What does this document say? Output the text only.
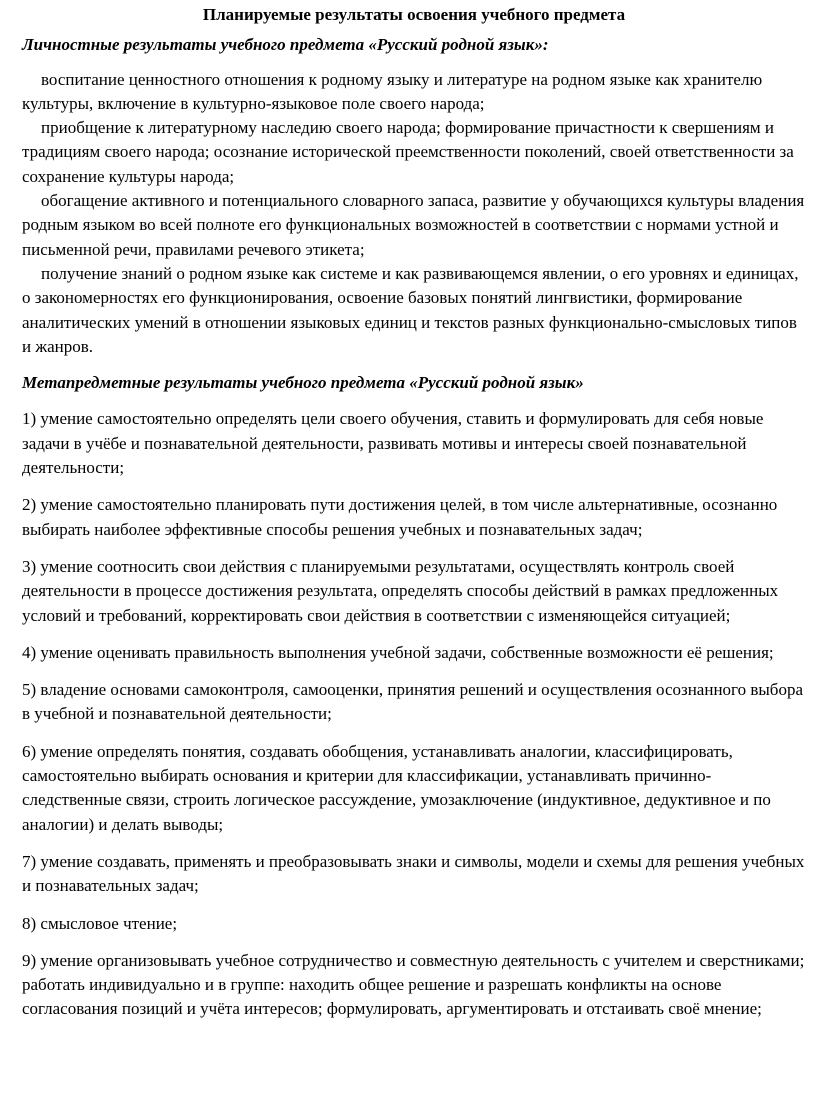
Планируемые результаты освоения учебного предмета
Личностные результаты учебного предмета «Русский родной язык»:

воспитание ценностного отношения к родному языку и литературе на родном языке как хранителю культуры, включение в культурно-языковое поле своего народа;

приобщение к литературному наследию своего народа; формирование причастности к свершениям и традициям своего народа; осознание исторической преемственности поколений, своей ответственности за сохранение культуры народа;

обогащение активного и потенциального словарного запаса, развитие у обучающихся культуры владения родным языком во всей полноте его функциональных возможностей в соответствии с нормами устной и письменной речи, правилами речевого этикета;

получение знаний о родном языке как системе и как развивающемся явлении, о его уровнях и единицах, о закономерностях его функционирования, освоение базовых понятий лингвистики, формирование аналитических умений в отношении языковых единиц и текстов разных функционально-смысловых типов и жанров.

Метапредметные результаты учебного предмета «Русский родной язык»

1) умение самостоятельно определять цели своего обучения, ставить и формулировать для себя новые задачи в учёбе и познавательной деятельности, развивать мотивы и интересы своей познавательной деятельности;

2) умение самостоятельно планировать пути достижения целей, в том числе альтернативные, осознанно выбирать наиболее эффективные способы решения учебных и познавательных задач;

3) умение соотносить свои действия с планируемыми результатами, осуществлять контроль своей деятельности в процессе достижения результата, определять способы действий в рамках предложенных условий и требований, корректировать свои действия в соответствии с изменяющейся ситуацией;

4) умение оценивать правильность выполнения учебной задачи, собственные возможности её решения;

5) владение основами самоконтроля, самооценки, принятия решений и осуществления осознанного выбора в учебной и познавательной деятельности;

6) умение определять понятия, создавать обобщения, устанавливать аналогии, классифицировать, самостоятельно выбирать основания и критерии для классификации, устанавливать причинно-следственные связи, строить логическое рассуждение, умозаключение (индуктивное, дедуктивное и по аналогии) и делать выводы;

7) умение создавать, применять и преобразовывать знаки и символы, модели и схемы для решения учебных и познавательных задач;

8) смысловое чтение;

9) умение организовывать учебное сотрудничество и совместную деятельность с учителем и сверстниками; работать индивидуально и в группе: находить общее решение и разрешать конфликты на основе согласования позиций и учёта интересов; формулировать, аргументировать и отстаивать своё мнение;
